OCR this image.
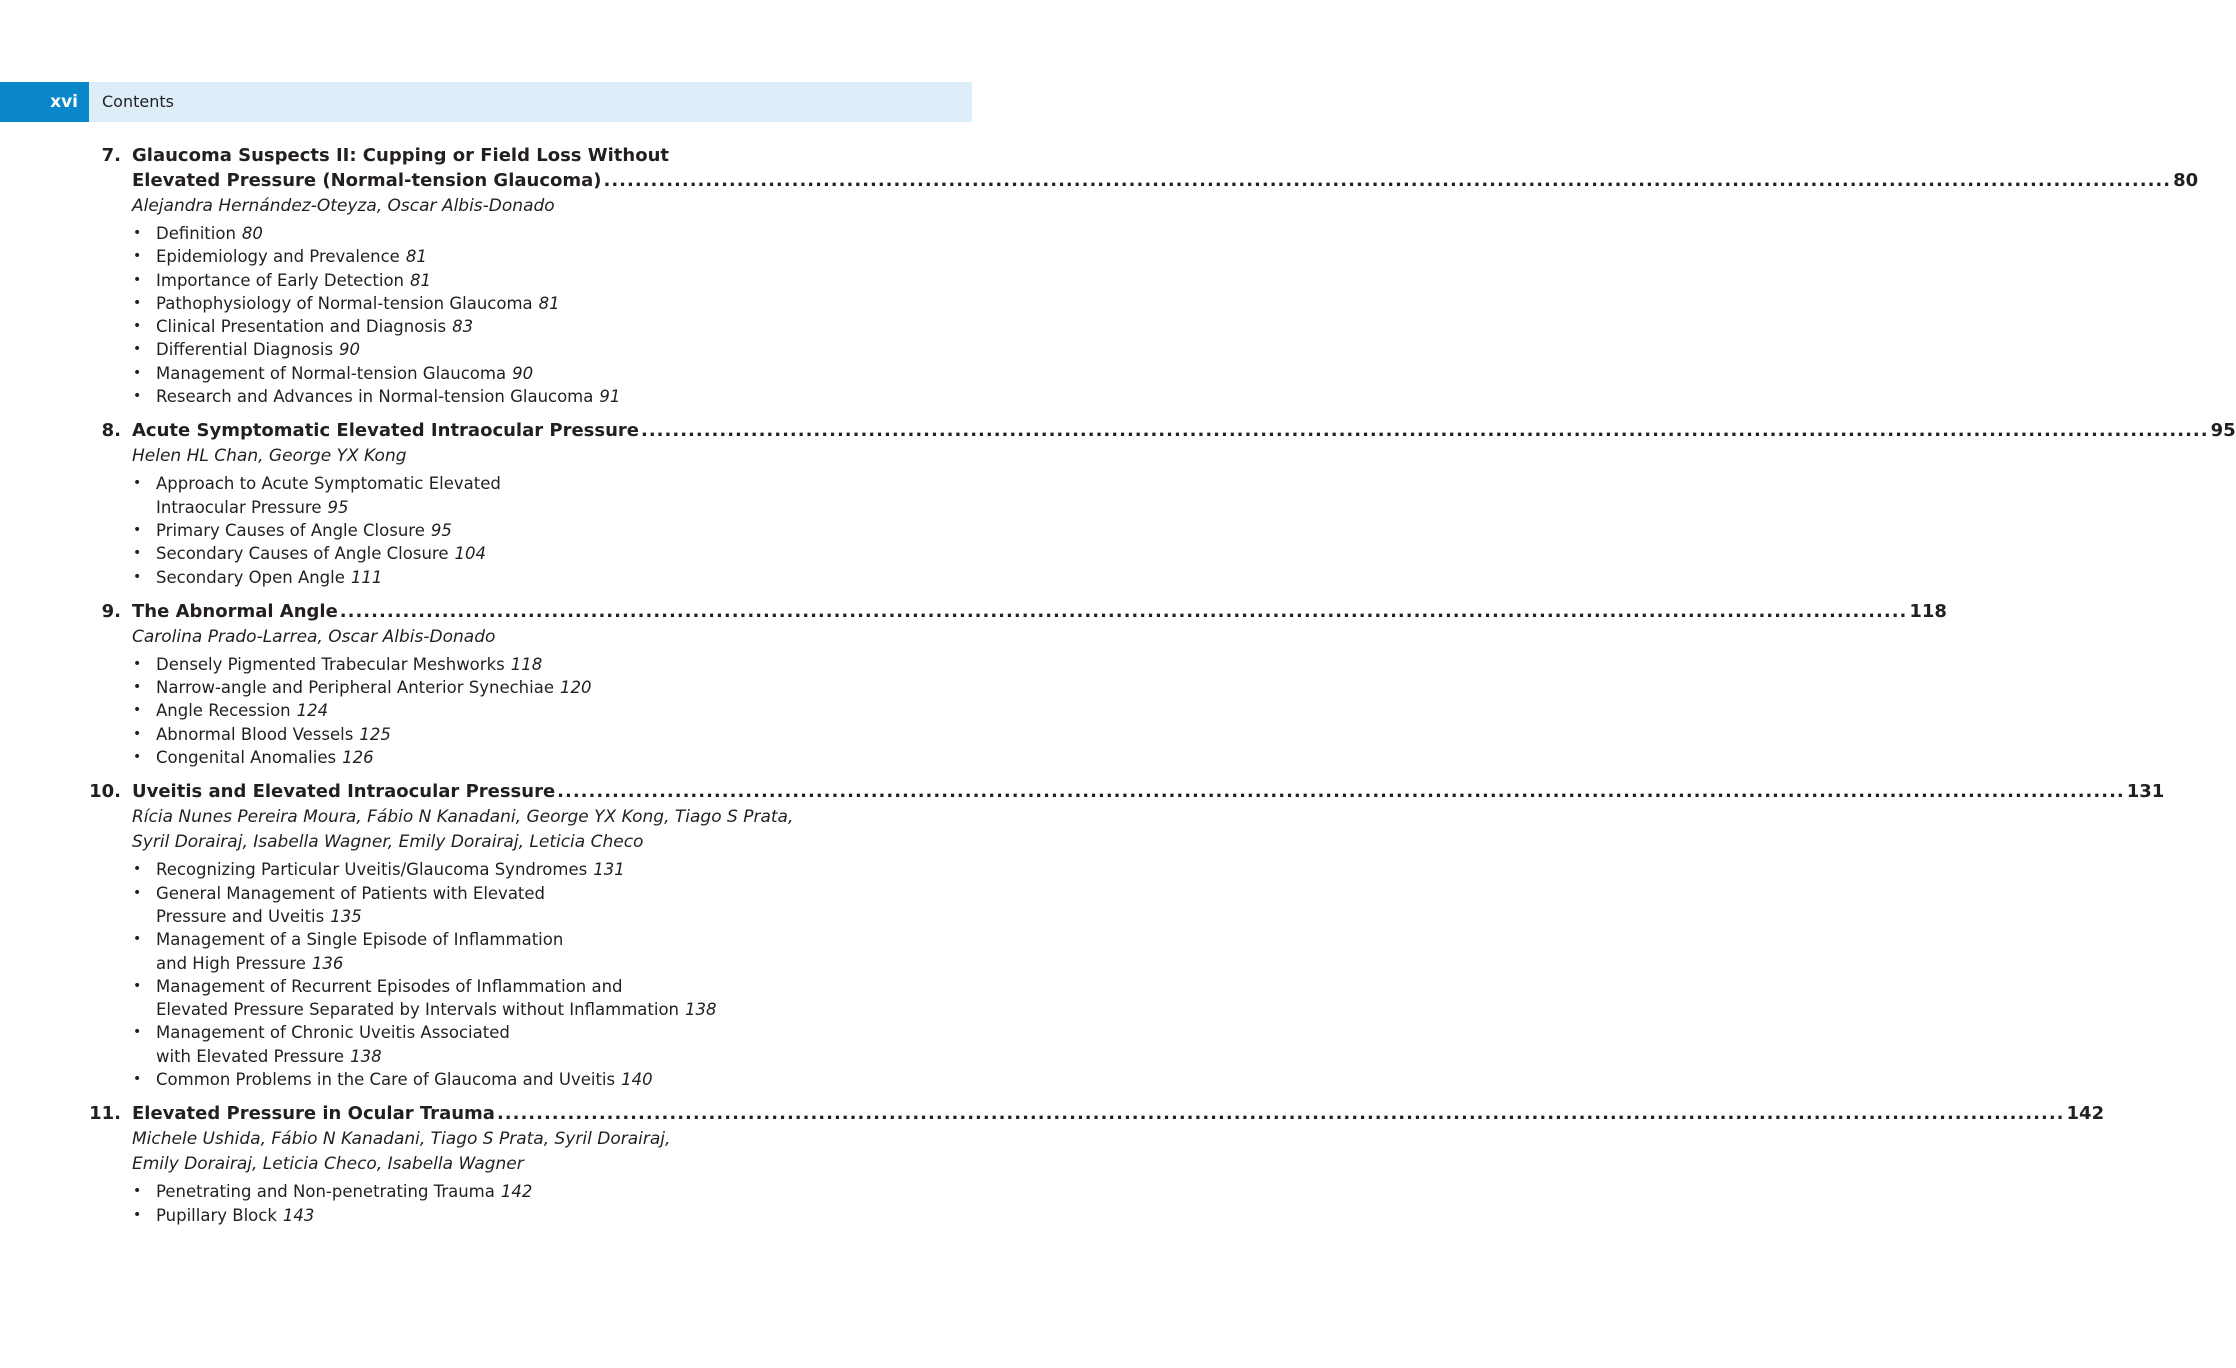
xvi	Contents
7. Glaucoma Suspects II: Cupping or Field Loss Without
Elevated Pressure (Normal-tension Glaucoma) ........................................................................................................................................................................................................ 80
Alejandra Hernández-Oteyza, Oscar Albis-Donado
• Definition 80
• Epidemiology and Prevalence 81
• Importance of Early Detection 81
• Pathophysiology of Normal-tension Glaucoma 81
• Clinical Presentation and Diagnosis 83
• Differential Diagnosis 90
• Management of Normal-tension Glaucoma 90
• Research and Advances in Normal-tension Glaucoma 91
8. Acute Symptomatic Elevated Intraocular Pressure ........................................................................................................................................................................................................ 95
Helen HL Chan, George YX Kong
• Approach to Acute Symptomatic Elevated
Intraocular Pressure 95
• Primary Causes of Angle Closure 95
• Secondary Causes of Angle Closure 104
• Secondary Open Angle 111
9. The Abnormal Angle ........................................................................................................................................................................................................ 118
Carolina Prado-Larrea, Oscar Albis-Donado
• Densely Pigmented Trabecular Meshworks 118
• Narrow-angle and Peripheral Anterior Synechiae 120
• Angle Recession 124
• Abnormal Blood Vessels 125
• Congenital Anomalies 126
10. Uveitis and Elevated Intraocular Pressure ........................................................................................................................................................................................................ 131
Rícia Nunes Pereira Moura, Fábio N Kanadani, George YX Kong, Tiago S Prata,
Syril Dorairaj, Isabella Wagner, Emily Dorairaj, Leticia Checo
• Recognizing Particular Uveitis/Glaucoma Syndromes 131
• General Management of Patients with Elevated
Pressure and Uveitis 135
• Management of a Single Episode of Inflammation
and High Pressure 136
• Management of Recurrent Episodes of Inflammation and
Elevated Pressure Separated by Intervals without Inflammation 138
• Management of Chronic Uveitis Associated
with Elevated Pressure 138
• Common Problems in the Care of Glaucoma and Uveitis 140
11. Elevated Pressure in Ocular Trauma ........................................................................................................................................................................................................ 142
Michele Ushida, Fábio N Kanadani, Tiago S Prata, Syril Dorairaj,
Emily Dorairaj, Leticia Checo, Isabella Wagner
• Penetrating and Non-penetrating Trauma 142
• Pupillary Block 143
